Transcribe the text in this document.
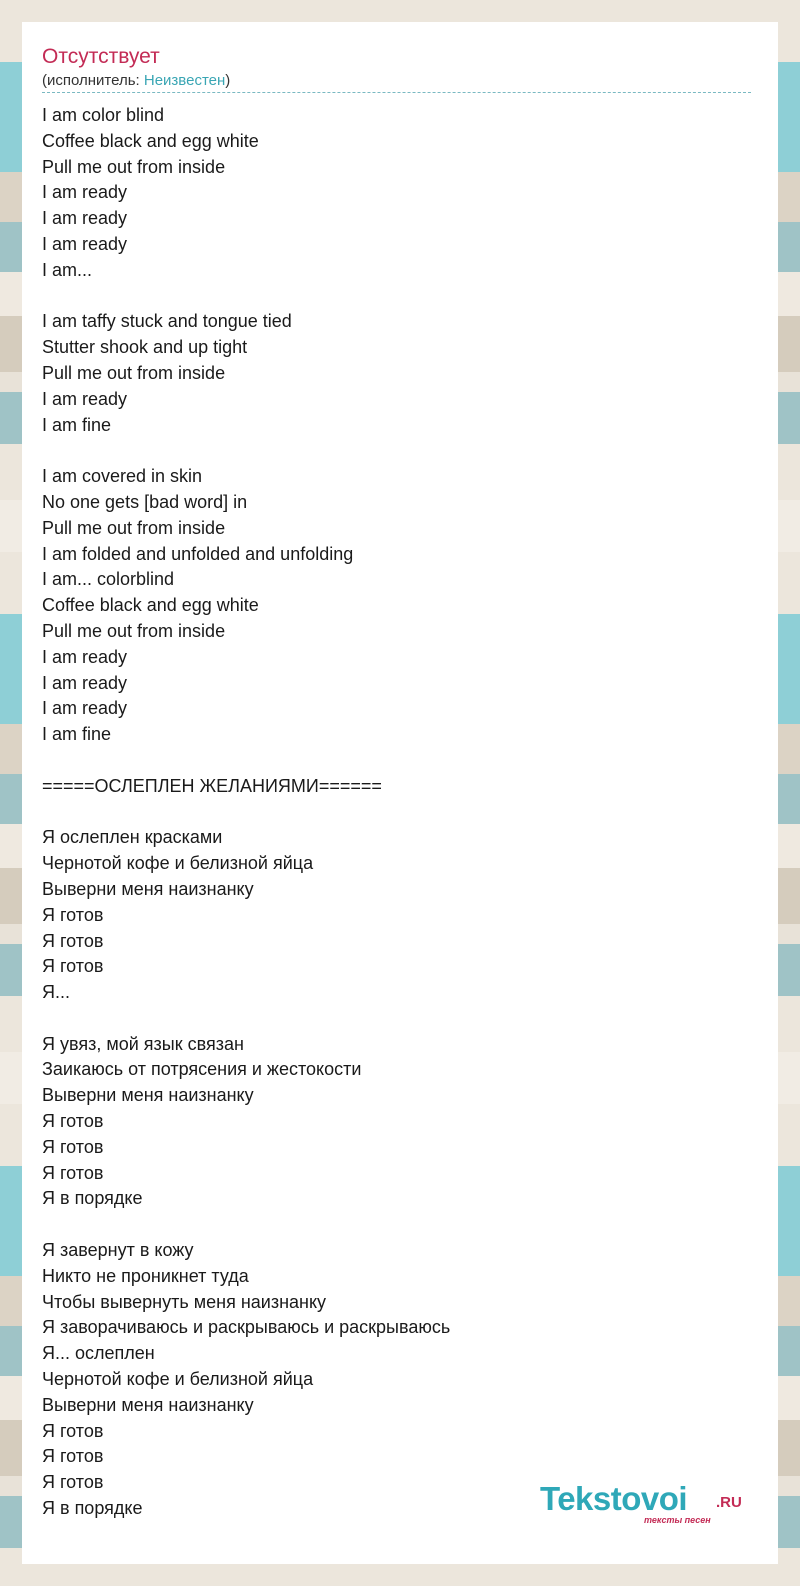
Отсутствует
(исполнитель: Неизвестен)
I am color blind
Coffee black and egg white
Pull me out from inside
I am ready
I am ready
I am ready
I am...
I am taffy stuck and tongue tied
Stutter shook and up tight
Pull me out from inside
I am ready
I am fine
I am covered in skin
No one gets [bad word] in
Pull me out from inside
I am folded and unfolded and unfolding
I am... colorblind
Coffee black and egg white
Pull me out from inside
I am ready
I am ready
I am ready
I am fine
=====ОСЛЕПЛЕН ЖЕЛАНИЯМИ======
Я ослеплен красками
Чернотой кофе и белизной яйца
Выверни меня наизнанку
Я готов
Я готов
Я готов
Я...
Я увяз, мой язык связан
Заикаюсь от потрясения и жестокости
Выверни меня наизнанку
Я готов
Я готов
Я готов
Я в порядке
Я завернут в кожу
Никто не проникнет туда
Чтобы вывернуть меня наизнанку
Я заворачиваюсь и раскрываюсь и раскрываюсь
Я... ослеплен
Чернотой кофе и белизной яйца
Выверни меня наизнанку
Я готов
Я готов
Я готов
Я в порядке	Tekstovoi .RU
тексты песен
